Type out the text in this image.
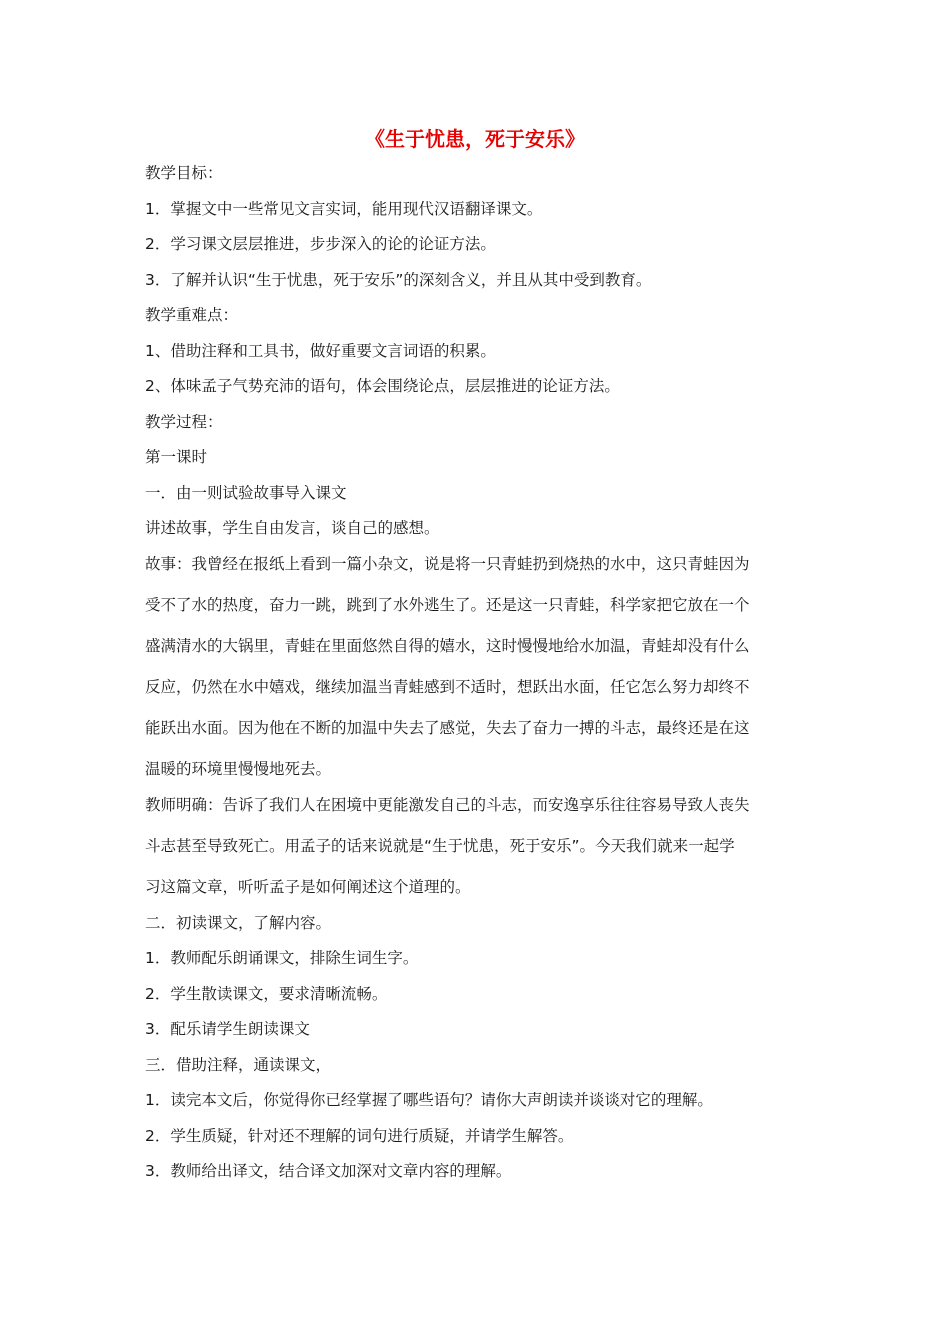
《生于忧患，死于安乐》
教学目标：
1．掌握文中一些常见文言实词，能用现代汉语翻译课文。
2．学习课文层层推进，步步深入的论的论证方法。
3．了解并认识“生于忧患，死于安乐”的深刻含义，并且从其中受到教育。
教学重难点：
1、借助注释和工具书，做好重要文言词语的积累。
2、体味孟子气势充沛的语句，体会围绕论点，层层推进的论证方法。
教学过程：
第一课时
一．由一则试验故事导入课文
讲述故事，学生自由发言，谈自己的感想。
故事：我曾经在报纸上看到一篇小杂文，说是将一只青蛙扔到烧热的水中，这只青蛙因为
受不了水的热度，奋力一跳，跳到了水外逃生了。还是这一只青蛙，科学家把它放在一个
盛满清水的大锅里，青蛙在里面悠然自得的嬉水，这时慢慢地给水加温，青蛙却没有什么
反应，仍然在水中嬉戏，继续加温当青蛙感到不适时，想跃出水面，任它怎么努力却终不
能跃出水面。因为他在不断的加温中失去了感觉，失去了奋力一搏的斗志，最终还是在这
温暖的环境里慢慢地死去。
教师明确：告诉了我们人在困境中更能激发自己的斗志，而安逸享乐往往容易导致人丧失
斗志甚至导致死亡。用孟子的话来说就是“生于忧患，死于安乐”。今天我们就来一起学
习这篇文章，听听孟子是如何阐述这个道理的。
二．初读课文，了解内容。
1．教师配乐朗诵课文，排除生词生字。
2．学生散读课文，要求清晰流畅。
3．配乐请学生朗读课文
三．借助注释，通读课文，
1．读完本文后，你觉得你已经掌握了哪些语句？请你大声朗读并谈谈对它的理解。
2．学生质疑，针对还不理解的词句进行质疑，并请学生解答。
3．教师给出译文，结合译文加深对文章内容的理解。
